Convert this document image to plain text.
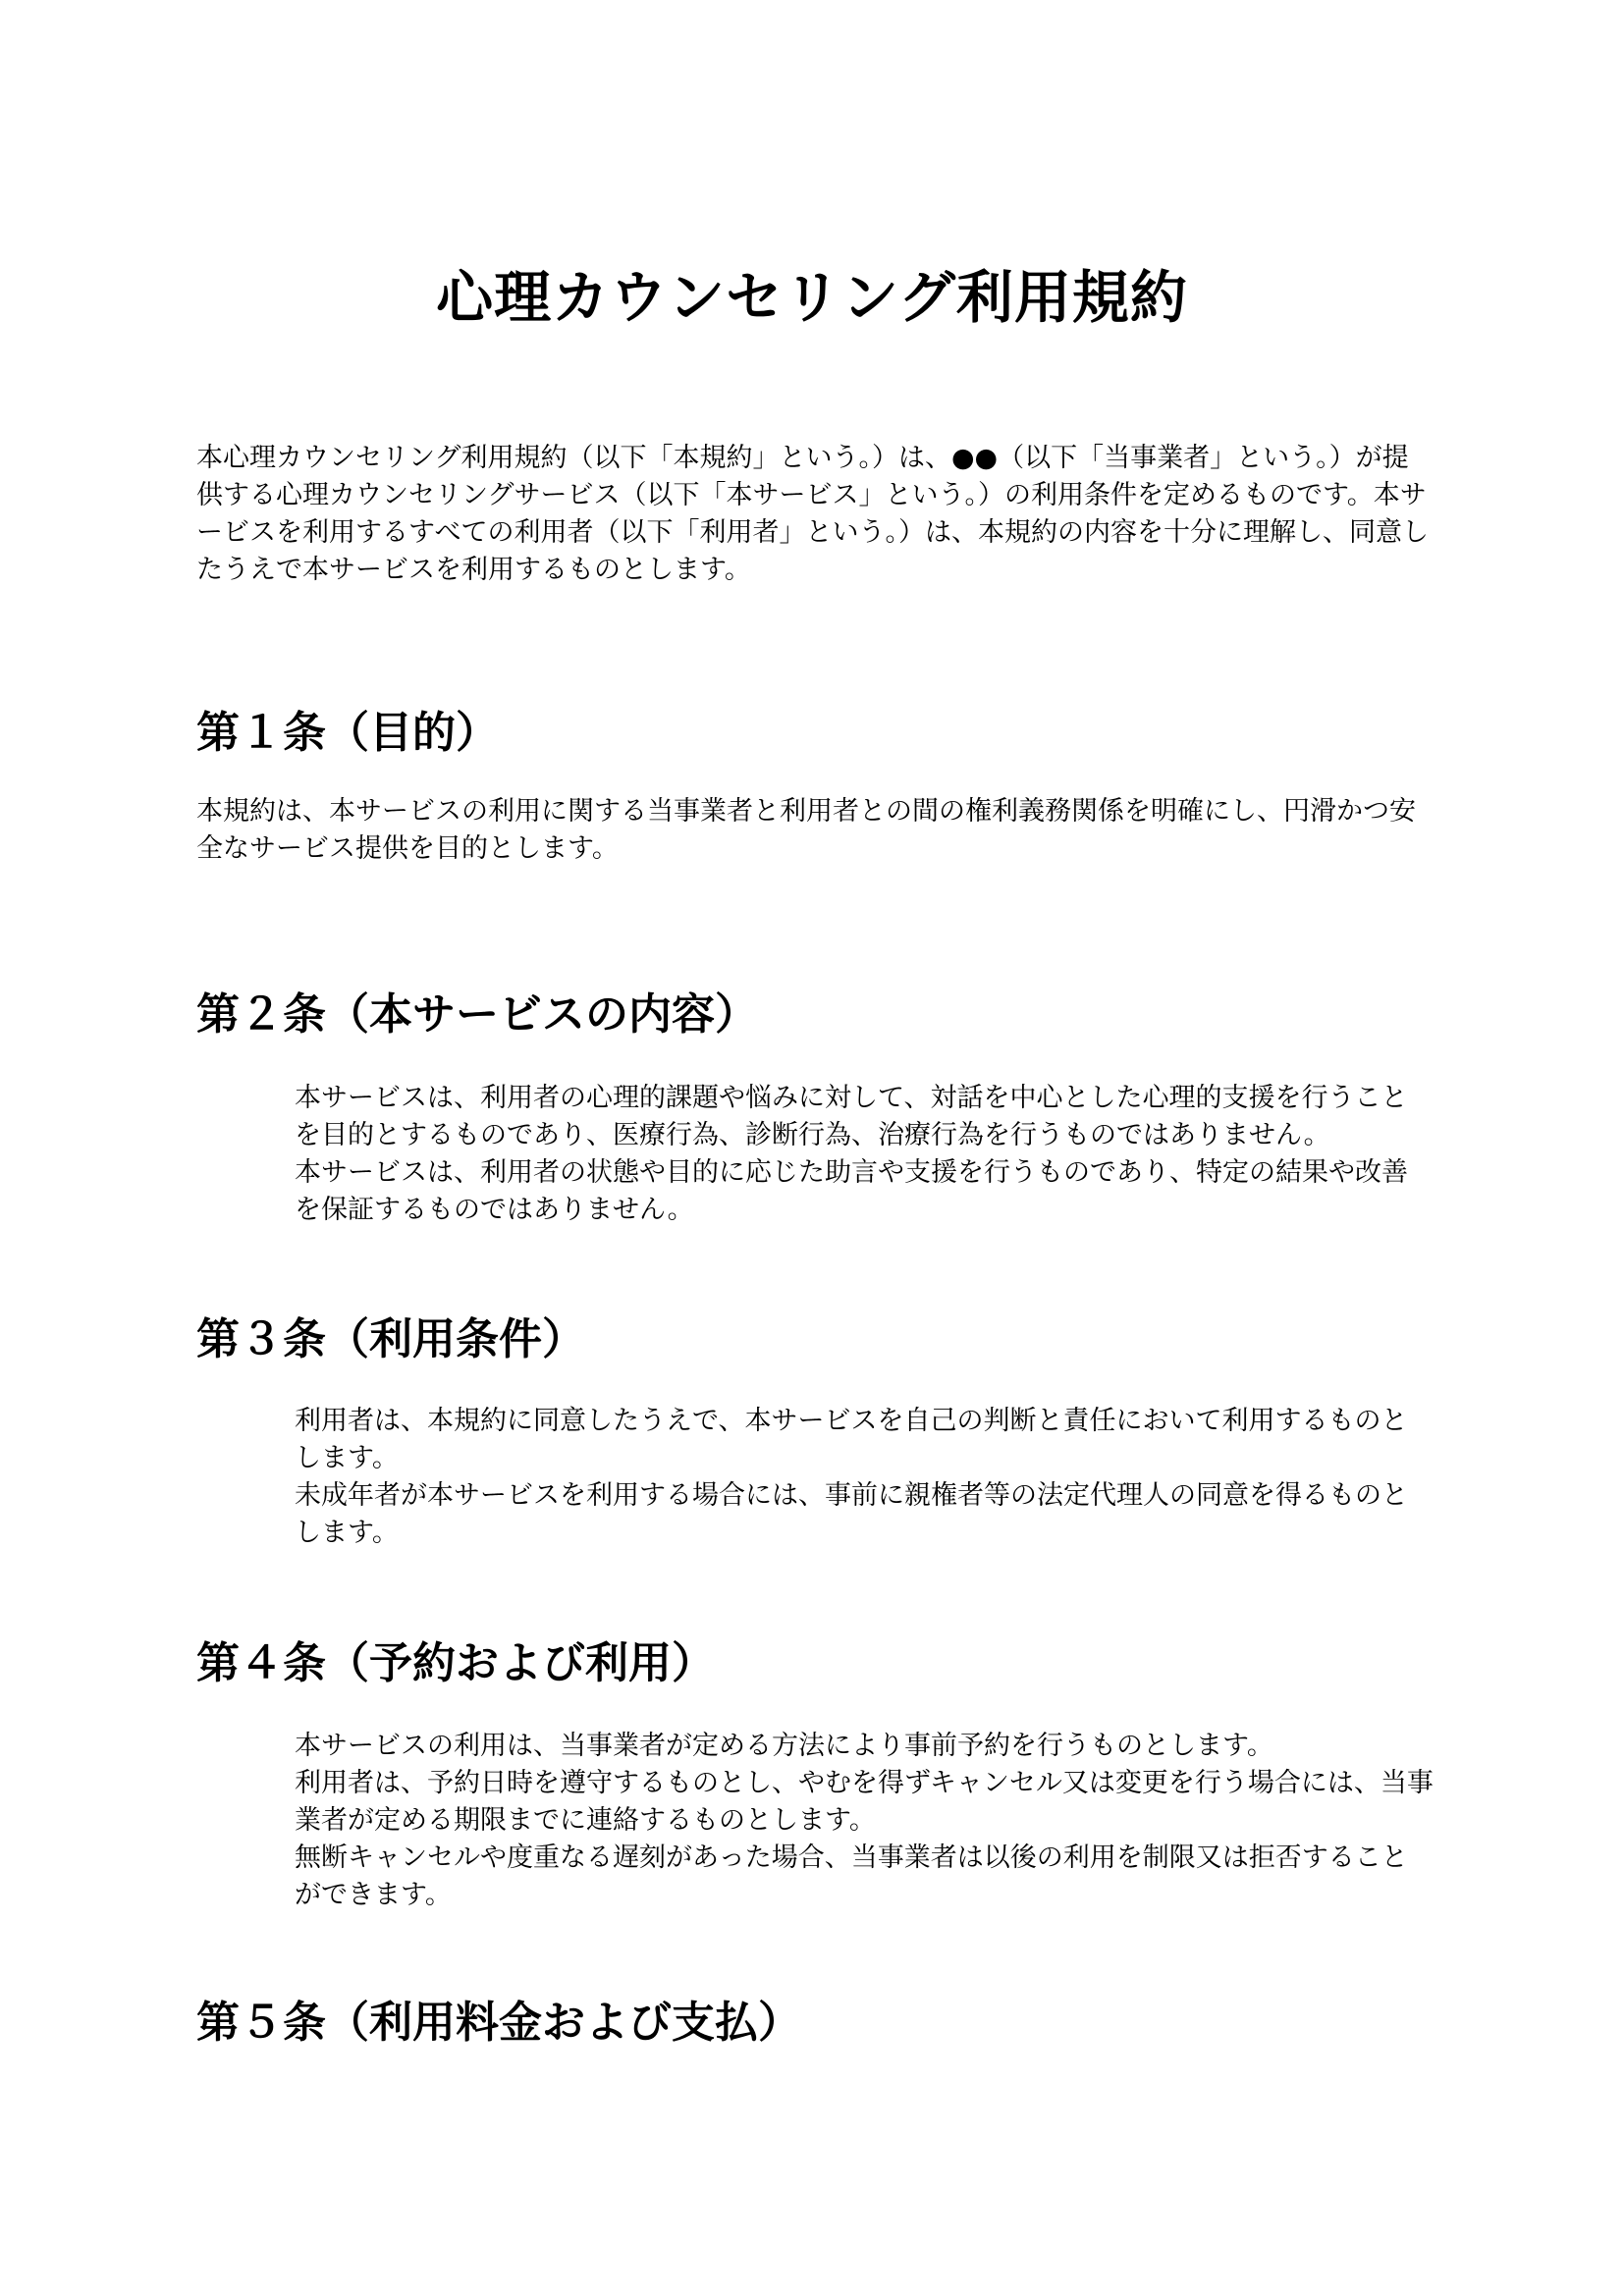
心理カウンセリング利用規約

本心理カウンセリング利用規約（以下「本規約」という。）は、●●（以下「当事業者」という。）が提供する心理カウンセリングサービス（以下「本サービス」という。）の利用条件を定めるものです。本サービスを利用するすべての利用者（以下「利用者」という。）は、本規約の内容を十分に理解し、同意したうえで本サービスを利用するものとします。

第１条（目的）

本規約は、本サービスの利用に関する当事業者と利用者との間の権利義務関係を明確にし、円滑かつ安全なサービス提供を目的とします。

第２条（本サービスの内容）

本サービスは、利用者の心理的課題や悩みに対して、対話を中心とした心理的支援を行うことを目的とするものであり、医療行為、診断行為、治療行為を行うものではありません。

本サービスは、利用者の状態や目的に応じた助言や支援を行うものであり、特定の結果や改善を保証するものではありません。

第３条（利用条件）

利用者は、本規約に同意したうえで、本サービスを自己の判断と責任において利用するものとします。

未成年者が本サービスを利用する場合には、事前に親権者等の法定代理人の同意を得るものとします。

第４条（予約および利用）

本サービスの利用は、当事業者が定める方法により事前予約を行うものとします。

利用者は、予約日時を遵守するものとし、やむを得ずキャンセル又は変更を行う場合には、当事業者が定める期限までに連絡するものとします。

無断キャンセルや度重なる遅刻があった場合、当事業者は以後の利用を制限又は拒否することができます。

第５条（利用料金および支払）
